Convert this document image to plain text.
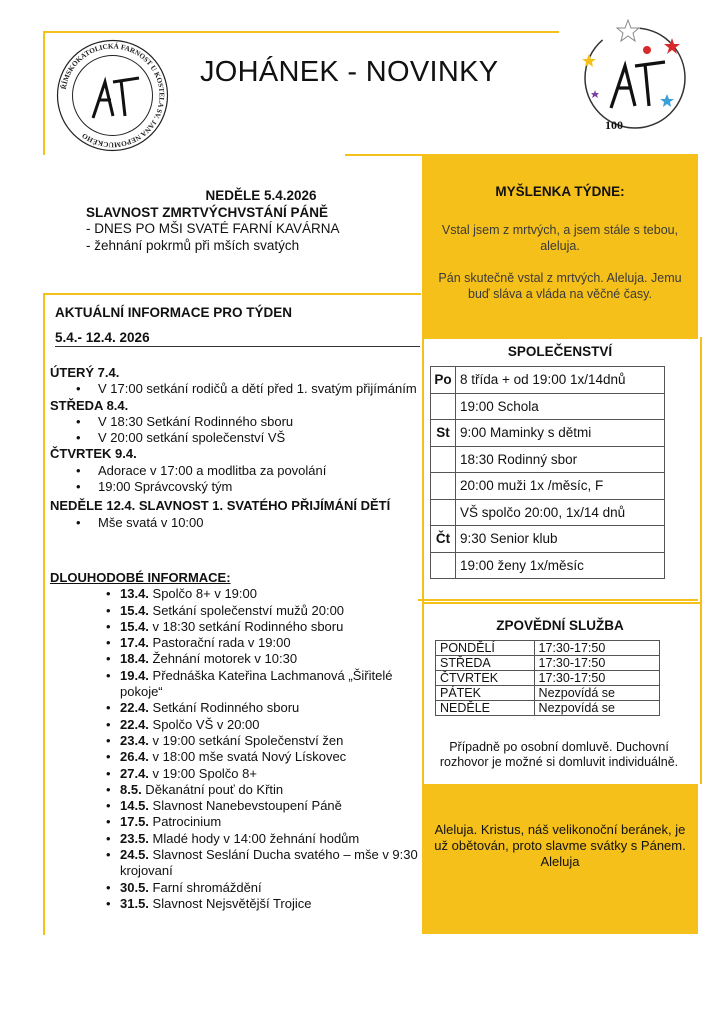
JOHÁNEK - NOVINKY
ŘÍMSKOKATOLICKÁ FARNOST U KOSTELA SV. JANA NEPOMUCKÉHO
100
NEDĚLE 5.4.2026
SLAVNOST ZMRTVÝCHVSTÁNÍ PÁNĚ
- DNES PO MŠI SVATÉ FARNÍ KAVÁRNA
- žehnání pokrmů při mších svatých
MYŠLENKA TÝDNE:
Vstal jsem z mrtvých, a jsem stále s tebou, aleluja.
Pán skutečně vstal z mrtvých. Aleluja. Jemu buď sláva a vláda na věčné časy.
AKTUÁLNÍ INFORMACE PRO TÝDEN
5.4.- 12.4. 2026
ÚTERÝ 7.4.
• V 17:00 setkání rodičů a dětí před 1. svatým přijímáním
STŘEDA 8.4.
• V 18:30 Setkání Rodinného sboru
• V 20:00 setkání společenství VŠ
ČTVRTEK 9.4.
• Adorace v 17:00 a modlitba za povolání
• 19:00 Správcovský tým
NEDĚLE 12.4. SLAVNOST 1. SVATÉHO PŘIJÍMÁNÍ DĚTÍ
• Mše svatá v 10:00
DLOUHODOBÉ INFORMACE:
• 13.4. Spolčo 8+ v 19:00
• 15.4. Setkání společenství mužů 20:00
• 15.4. v 18:30 setkání Rodinného sboru
• 17.4. Pastorační rada v 19:00
• 18.4. Žehnání motorek v 10:30
• 19.4. Přednáška Kateřina Lachmanová „Šiřitelé pokoje“
• 22.4. Setkání Rodinného sboru
• 22.4. Spolčo VŠ v 20:00
• 23.4. v 19:00 setkání Společenství žen
• 26.4. v 18:00 mše svatá Nový Lískovec
• 27.4. v 19:00 Spolčo 8+
• 8.5. Děkanátní pouť do Křtin
• 14.5. Slavnost Nanebevstoupení Páně
• 17.5. Patrocinium
• 23.5. Mladé hody v 14:00 žehnání hodům
• 24.5. Slavnost Seslání Ducha svatého – mše v 9:30 krojovaní
• 30.5. Farní shromáždění
• 31.5. Slavnost Nejsvětější Trojice
SPOLEČENSTVÍ
Po	8 třída + od 19:00 1x/14dnů
	19:00 Schola
St	9:00 Maminky s dětmi
	18:30 Rodinný sbor
	20:00 muži 1x /měsíc, F
	VŠ spolčo 20:00, 1x/14 dnů
Čt	9:30 Senior klub
	19:00 ženy 1x/měsíc
ZPOVĚDNÍ SLUŽBA
PONDĚLÍ	17:30-17:50
STŘEDA	17:30-17:50
ČTVRTEK	17:30-17:50
PÁTEK	Nezpovídá se
NEDĚLE	Nezpovídá se
Případně po osobní domluvě. Duchovní rozhovor je možné si domluvit individuálně.
Aleluja. Kristus, náš velikonoční beránek, je už obětován, proto slavme svátky s Pánem. Aleluja
